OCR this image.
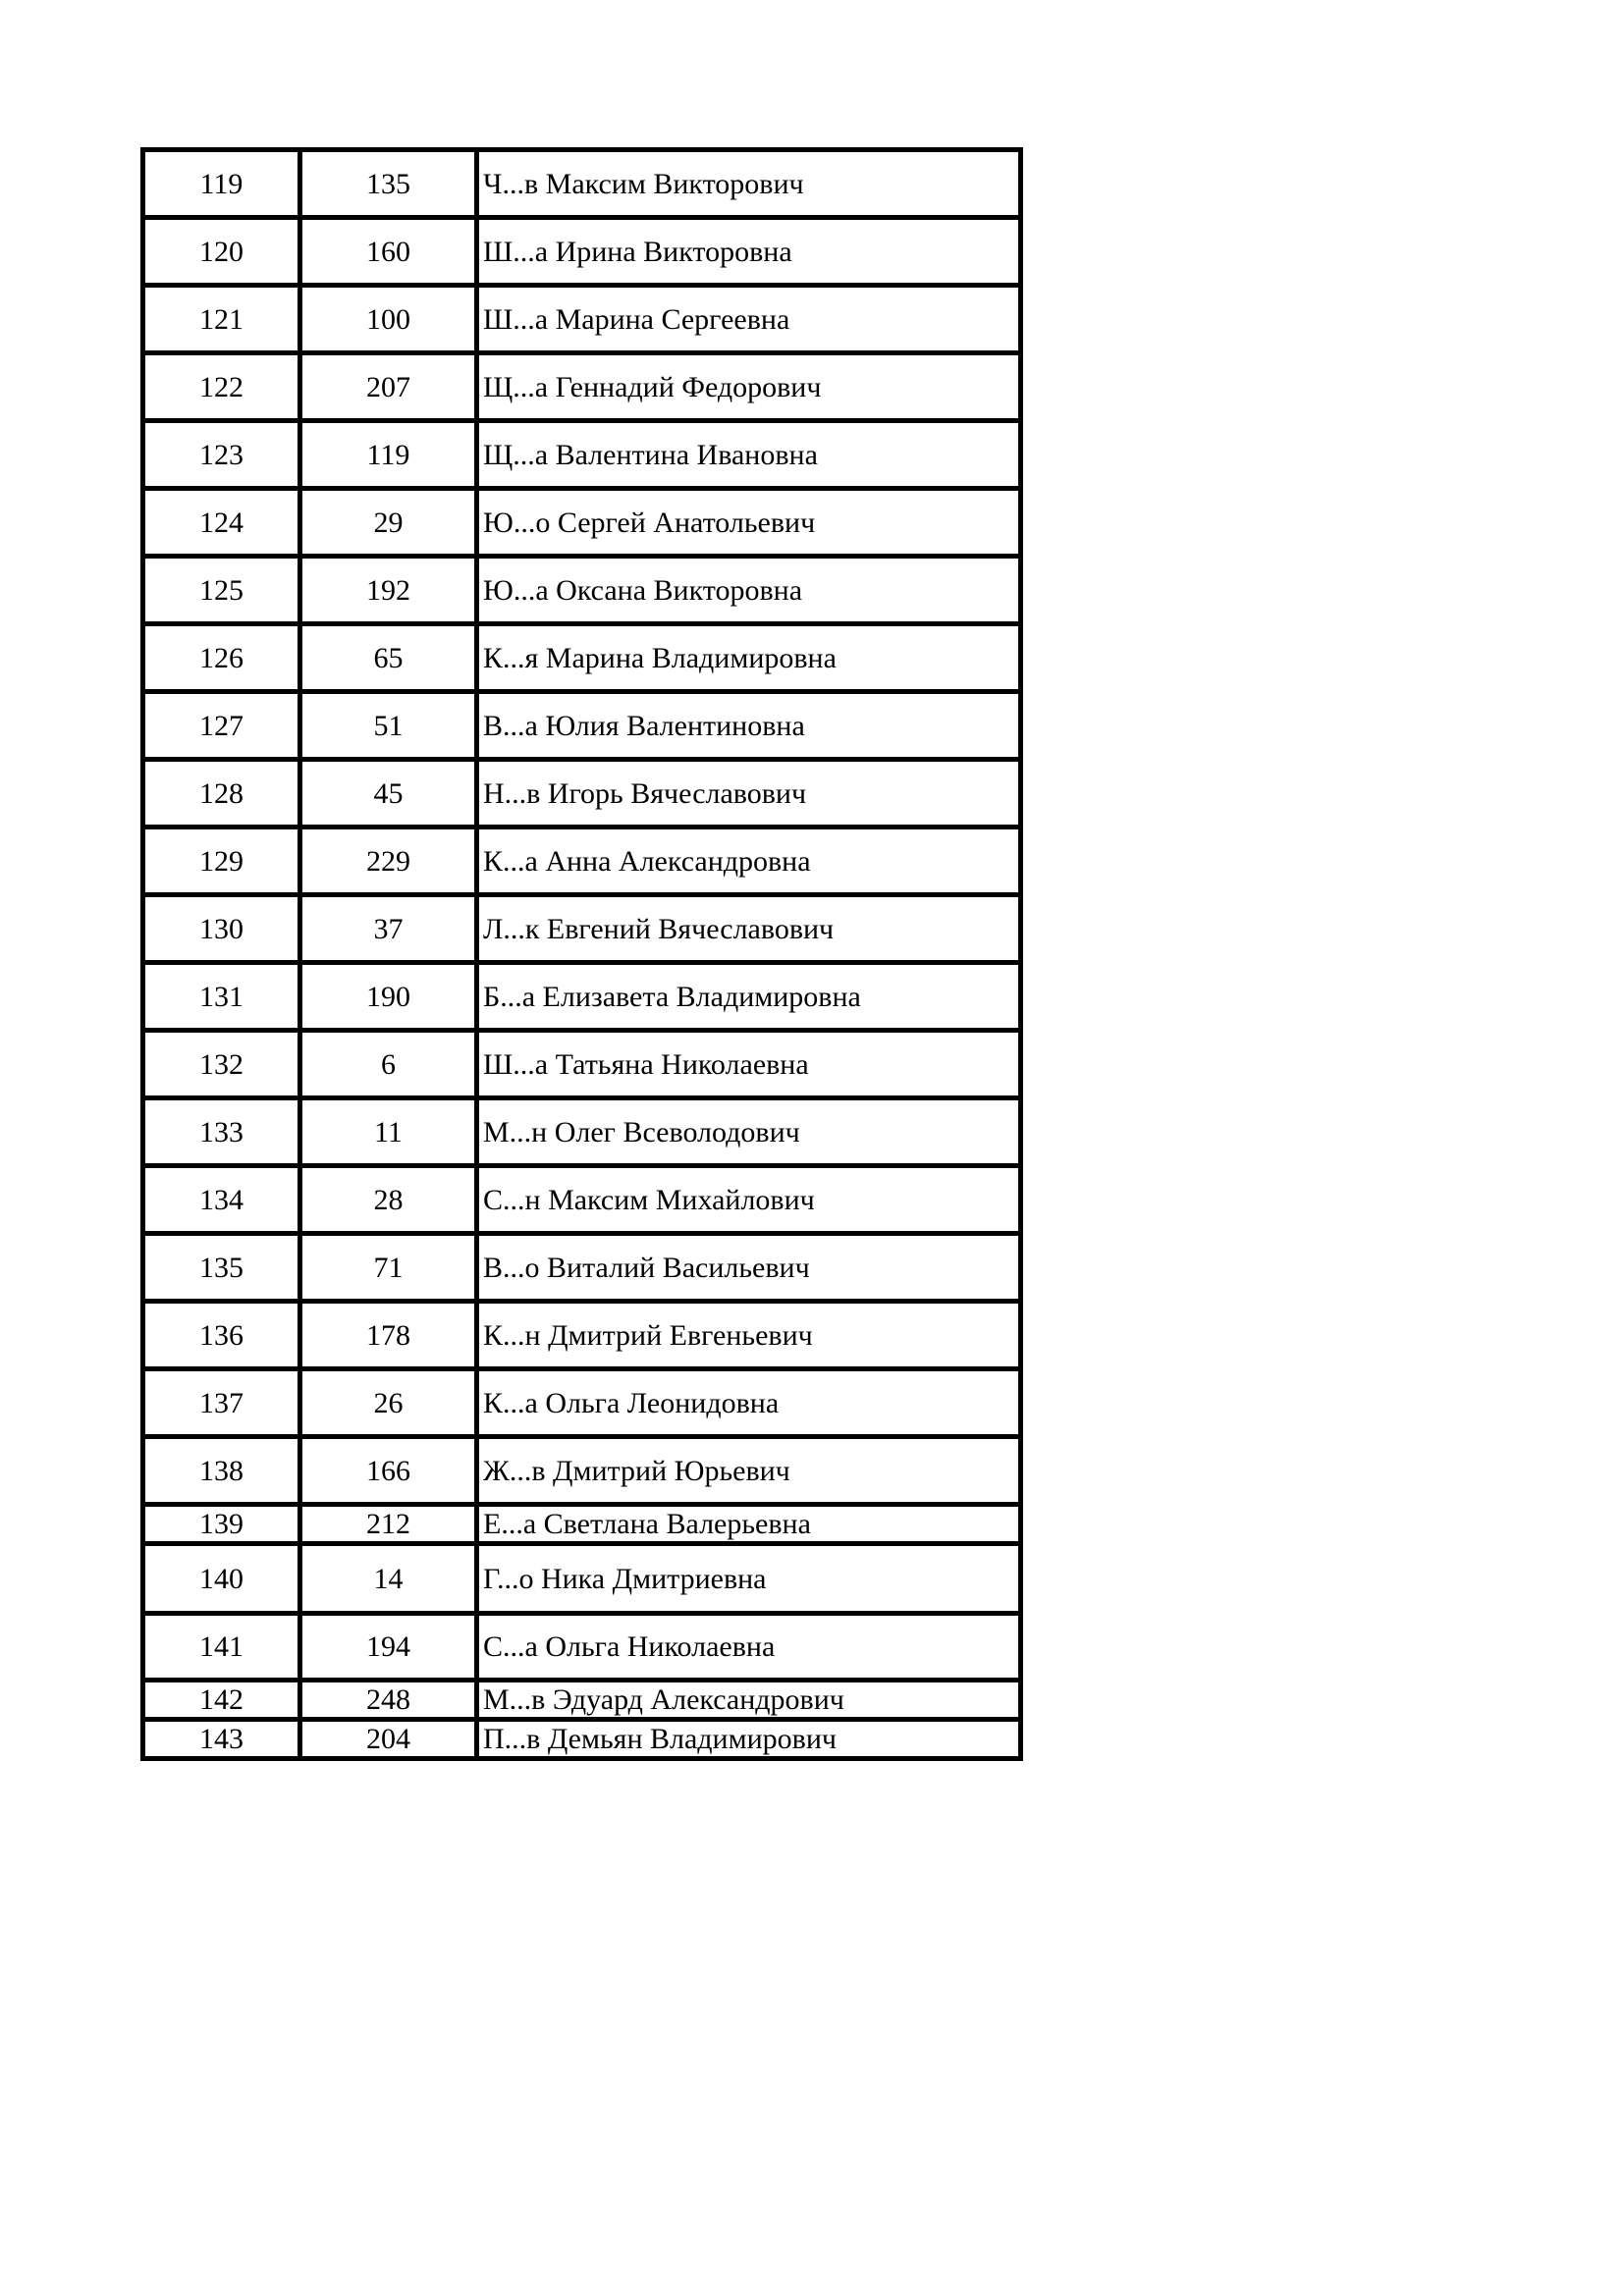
119	135	Ч...в Максим Викторович
120	160	Ш...а Ирина Викторовна
121	100	Ш...а Марина Сергеевна
122	207	Щ...а Геннадий Федорович
123	119	Щ...а Валентина Ивановна
124	29	Ю...о Сергей Анатольевич
125	192	Ю...а Оксана Викторовна
126	65	К...я Марина Владимировна
127	51	В...а Юлия Валентиновна
128	45	Н...в Игорь Вячеславович
129	229	К...а Анна Александровна
130	37	Л...к Евгений Вячеславович
131	190	Б...а Елизавета Владимировна
132	6	Ш...а Татьяна Николаевна
133	11	М...н Олег Всеволодович
134	28	С...н Максим Михайлович
135	71	В...о Виталий Васильевич
136	178	К...н Дмитрий Евгеньевич
137	26	К...а Ольга Леонидовна
138	166	Ж...в Дмитрий Юрьевич
139	212	Е...а Светлана Валерьевна
140	14	Г...о Ника Дмитриевна
141	194	С...а Ольга Николаевна
142	248	М...в Эдуард Александрович
143	204	П...в Демьян Владимирович
